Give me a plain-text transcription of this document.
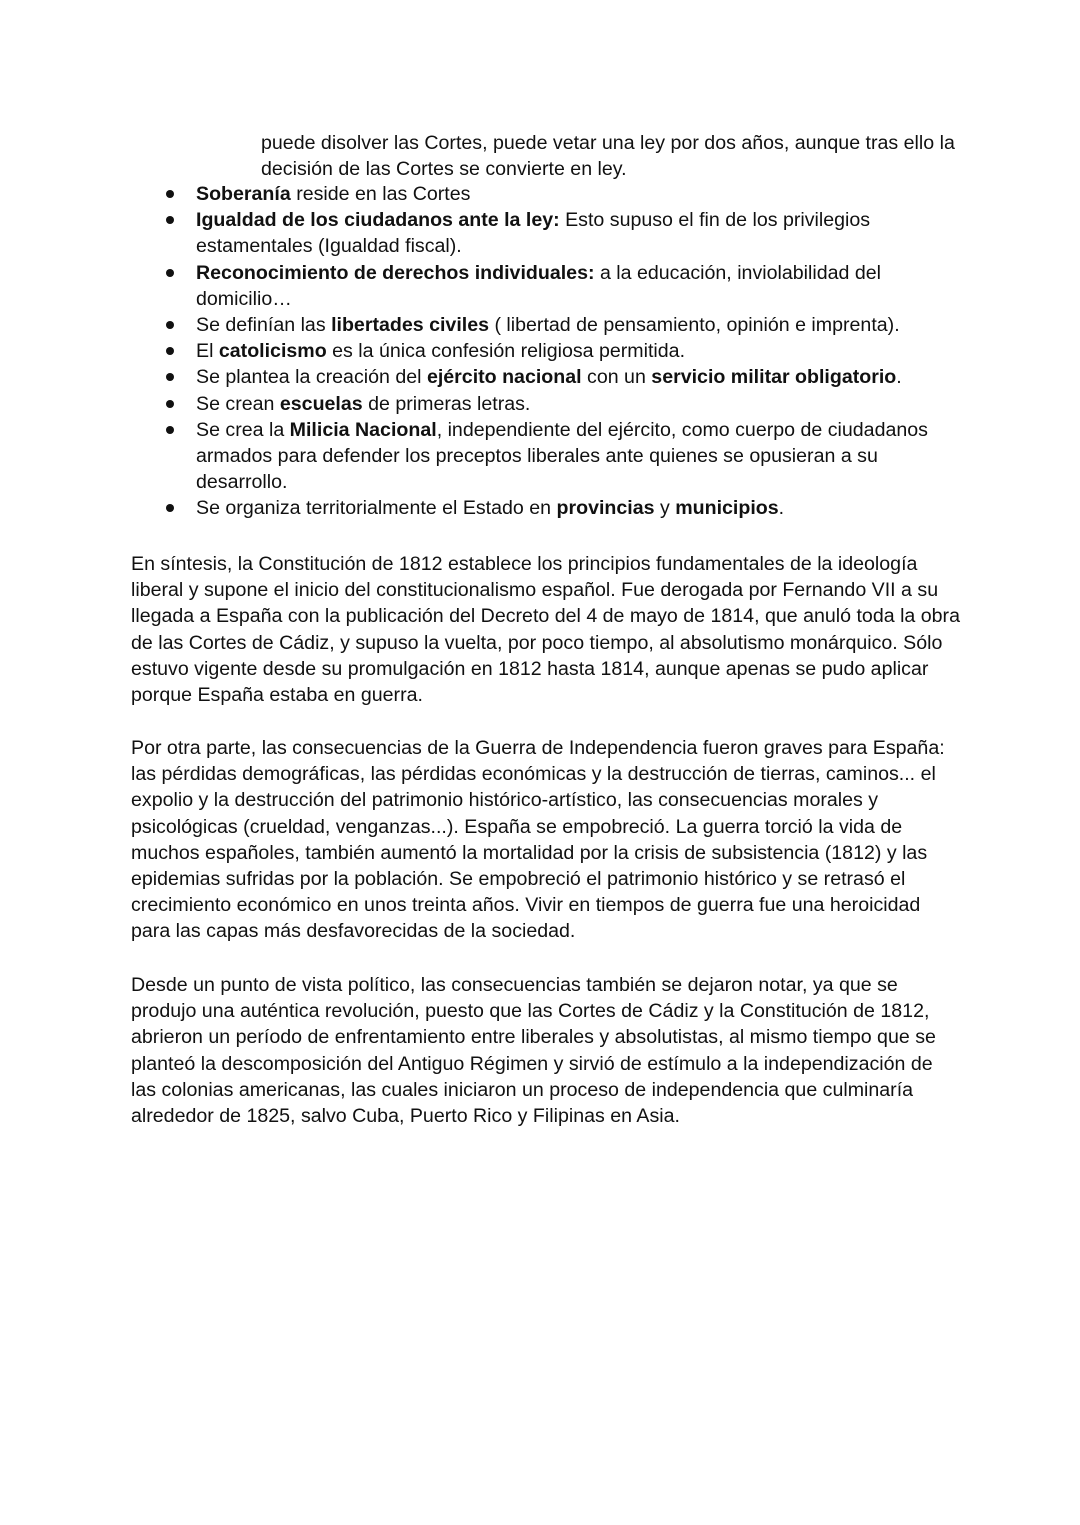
puede disolver las Cortes, puede vetar una ley por dos años, aunque tras ello la decisión de las Cortes se convierte en ley.
Soberanía reside en las Cortes
Igualdad de los ciudadanos ante la ley: Esto supuso el fin de los privilegios estamentales (Igualdad fiscal).
Reconocimiento de derechos individuales: a la educación, inviolabilidad del domicilio…
Se definían las libertades civiles ( libertad de pensamiento, opinión e imprenta).
El catolicismo es la única confesión religiosa permitida.
Se plantea la creación del ejército nacional con un servicio militar obligatorio.
Se crean escuelas de primeras letras.
Se crea la Milicia Nacional, independiente del ejército, como cuerpo de ciudadanos armados para defender los preceptos liberales ante quienes se opusieran a su desarrollo.
Se organiza territorialmente el Estado en provincias y municipios.

En síntesis, la Constitución de 1812 establece los principios fundamentales de la ideología liberal y supone el inicio del constitucionalismo español. Fue derogada por Fernando VII a su llegada a España con la publicación del Decreto del 4 de mayo de 1814, que anuló toda la obra de las Cortes de Cádiz, y supuso la vuelta, por poco tiempo, al absolutismo monárquico. Sólo estuvo vigente desde su promulgación en 1812 hasta 1814, aunque apenas se pudo aplicar porque España estaba en guerra.

Por otra parte, las consecuencias de la Guerra de Independencia fueron graves para España: las pérdidas demográficas, las pérdidas económicas y la destrucción de tierras, caminos... el expolio y la destrucción del patrimonio histórico-artístico, las consecuencias morales y psicológicas (crueldad, venganzas...). España se empobreció. La guerra torció la vida de muchos españoles, también aumentó la mortalidad por la crisis de subsistencia (1812) y las epidemias sufridas por la población. Se empobreció el patrimonio histórico y se retrasó el crecimiento económico en unos treinta años. Vivir en tiempos de guerra fue una heroicidad para las capas más desfavorecidas de la sociedad.

Desde un punto de vista político, las consecuencias también se dejaron notar, ya que se produjo una auténtica revolución, puesto que las Cortes de Cádiz y la Constitución de 1812, abrieron un período de enfrentamiento entre liberales y absolutistas, al mismo tiempo que se planteó la descomposición del Antiguo Régimen y sirvió de estímulo a la independización de las colonias americanas, las cuales iniciaron un proceso de independencia que culminaría alrededor de 1825, salvo Cuba, Puerto Rico y Filipinas en Asia.
